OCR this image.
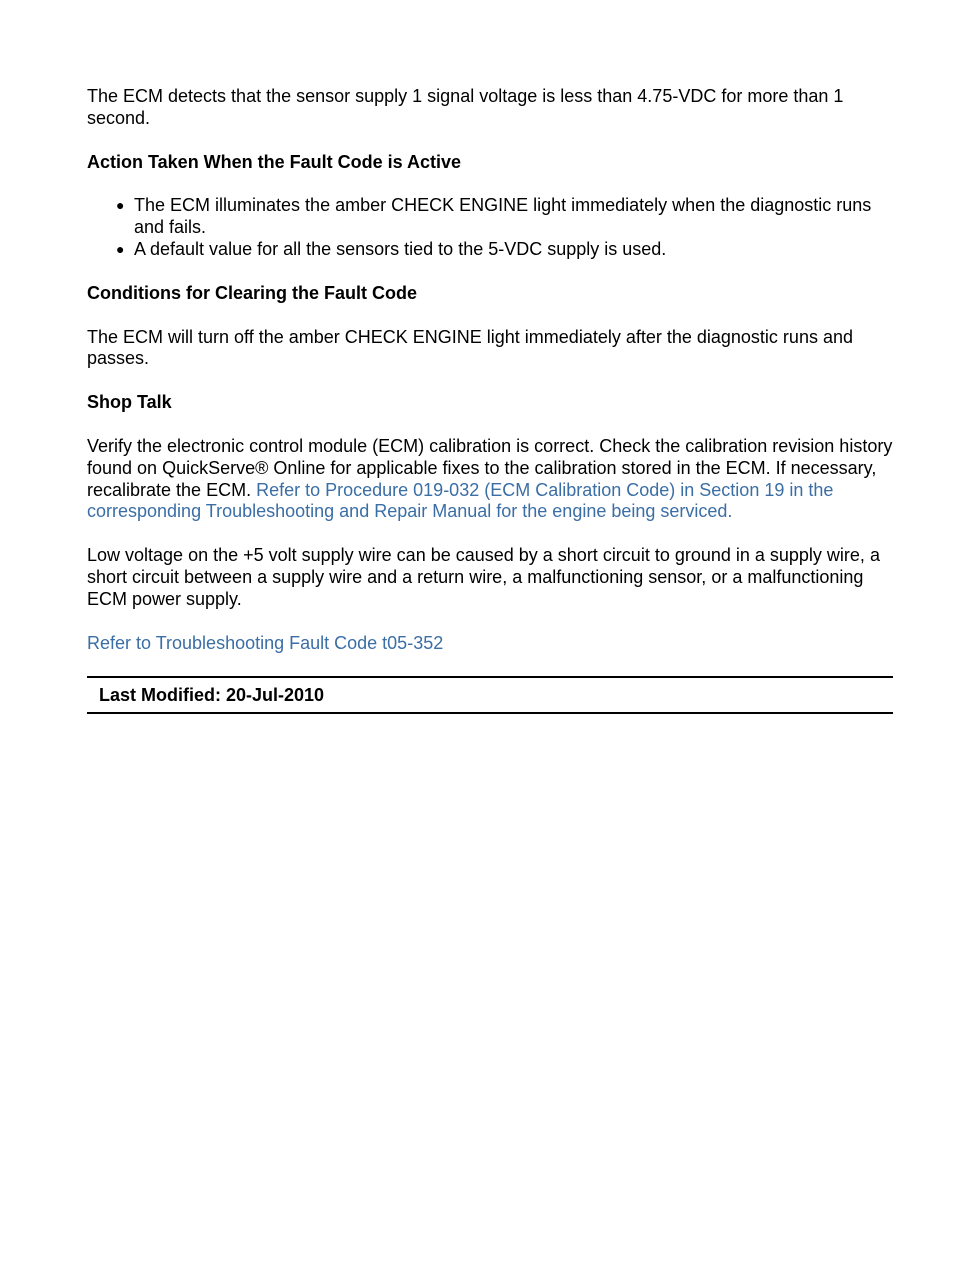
The ECM detects that the sensor supply 1 signal voltage is less than 4.75-VDC for more than 1 second.

Action Taken When the Fault Code is Active

● The ECM illuminates the amber CHECK ENGINE light immediately when the diagnostic runs and fails.
● A default value for all the sensors tied to the 5-VDC supply is used.

Conditions for Clearing the Fault Code

The ECM will turn off the amber CHECK ENGINE light immediately after the diagnostic runs and passes.

Shop Talk

Verify the electronic control module (ECM) calibration is correct. Check the calibration revision history found on QuickServe® Online for applicable fixes to the calibration stored in the ECM. If necessary, recalibrate the ECM. Refer to Procedure 019-032 (ECM Calibration Code) in Section 19 in the corresponding Troubleshooting and Repair Manual for the engine being serviced.

Low voltage on the +5 volt supply wire can be caused by a short circuit to ground in a supply wire, a short circuit between a supply wire and a return wire, a malfunctioning sensor, or a malfunctioning ECM power supply.

Refer to Troubleshooting Fault Code t05-352

Last Modified: 20-Jul-2010
